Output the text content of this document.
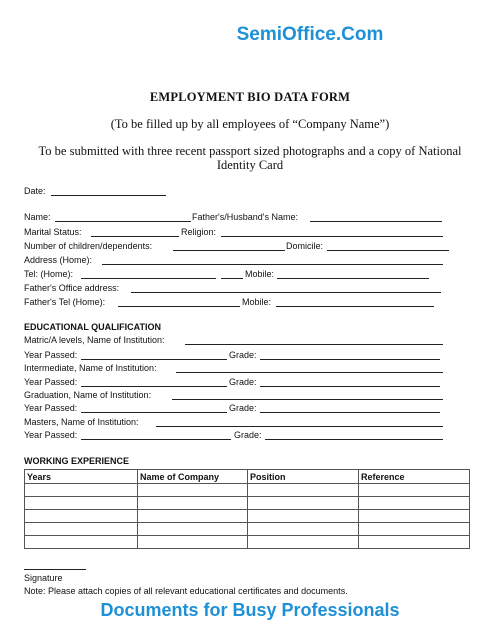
SemiOffice.Com
EMPLOYMENT BIO DATA FORM
(To be filled up by all employees of “Company Name”)
To be submitted with three recent passport sized photographs and a copy of National Identity Card
Date:
Name:	Father's/Husband's Name:
Marital Status:	Religion:
Number of children/dependents:	Domicile:
Address (Home):
Tel: (Home):	Mobile:
Father's Office address:
Father's Tel (Home):	Mobile:
EDUCATIONAL QUALIFICATION
Matric/A levels, Name of Institution:
Year Passed:	Grade:
Intermediate, Name of Institution:
Year Passed:	Grade:
Graduation, Name of Institution:
Year Passed:	Grade:
Masters, Name of Institution:
Year Passed:	Grade:
WORKING EXPERIENCE
Years	Name of Company	Position	Reference

Signature
Note: Please attach copies of all relevant educational certificates and documents.
Documents for Busy Professionals
